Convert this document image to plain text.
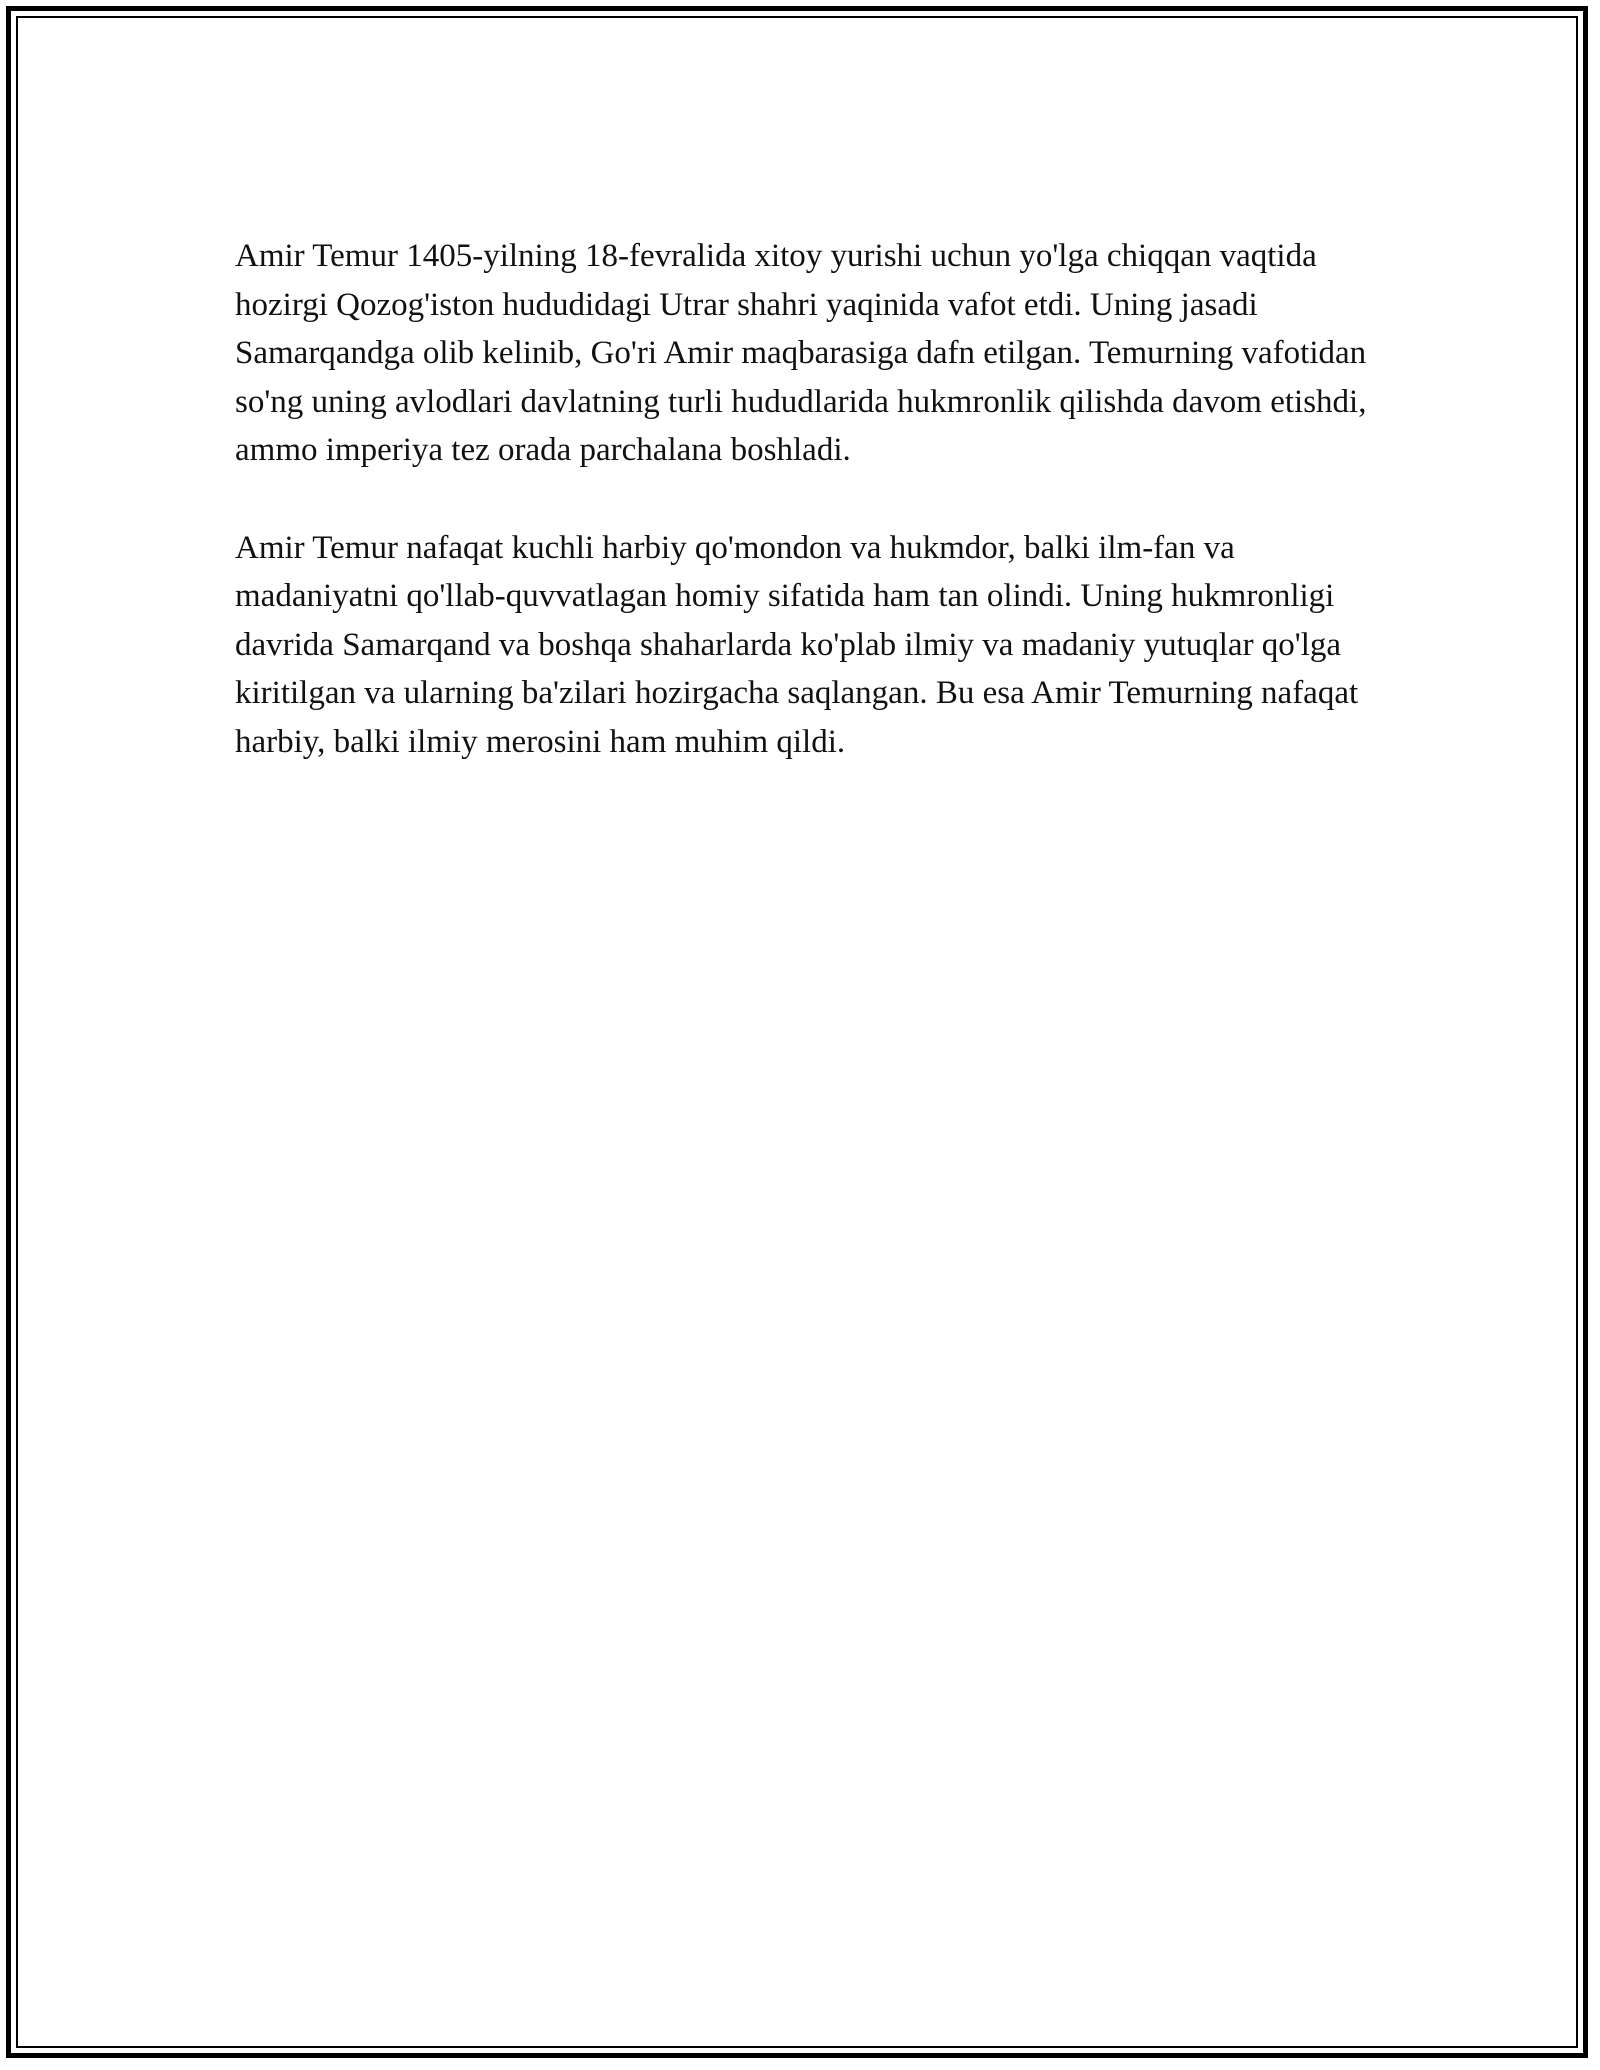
Amir Temur 1405-yilning 18-fevralida xitoy yurishi uchun yo'lga chiqqan vaqtida hozirgi Qozog'iston hududidagi Utrar shahri yaqinida vafot etdi. Uning jasadi Samarqandga olib kelinib, Go'ri Amir maqbarasiga dafn etilgan. Temurning vafotidan so'ng uning avlodlari davlatning turli hududlarida hukmronlik qilishda davom etishdi, ammo imperiya tez orada parchalana boshladi.

Amir Temur nafaqat kuchli harbiy qo'mondon va hukmdor, balki ilm-fan va madaniyatni qo'llab-quvvatlagan homiy sifatida ham tan olindi. Uning hukmronligi davrida Samarqand va boshqa shaharlarda ko'plab ilmiy va madaniy yutuqlar qo'lga kiritilgan va ularning ba'zilari hozirgacha saqlangan. Bu esa Amir Temurning nafaqat harbiy, balki ilmiy merosini ham muhim qildi.
